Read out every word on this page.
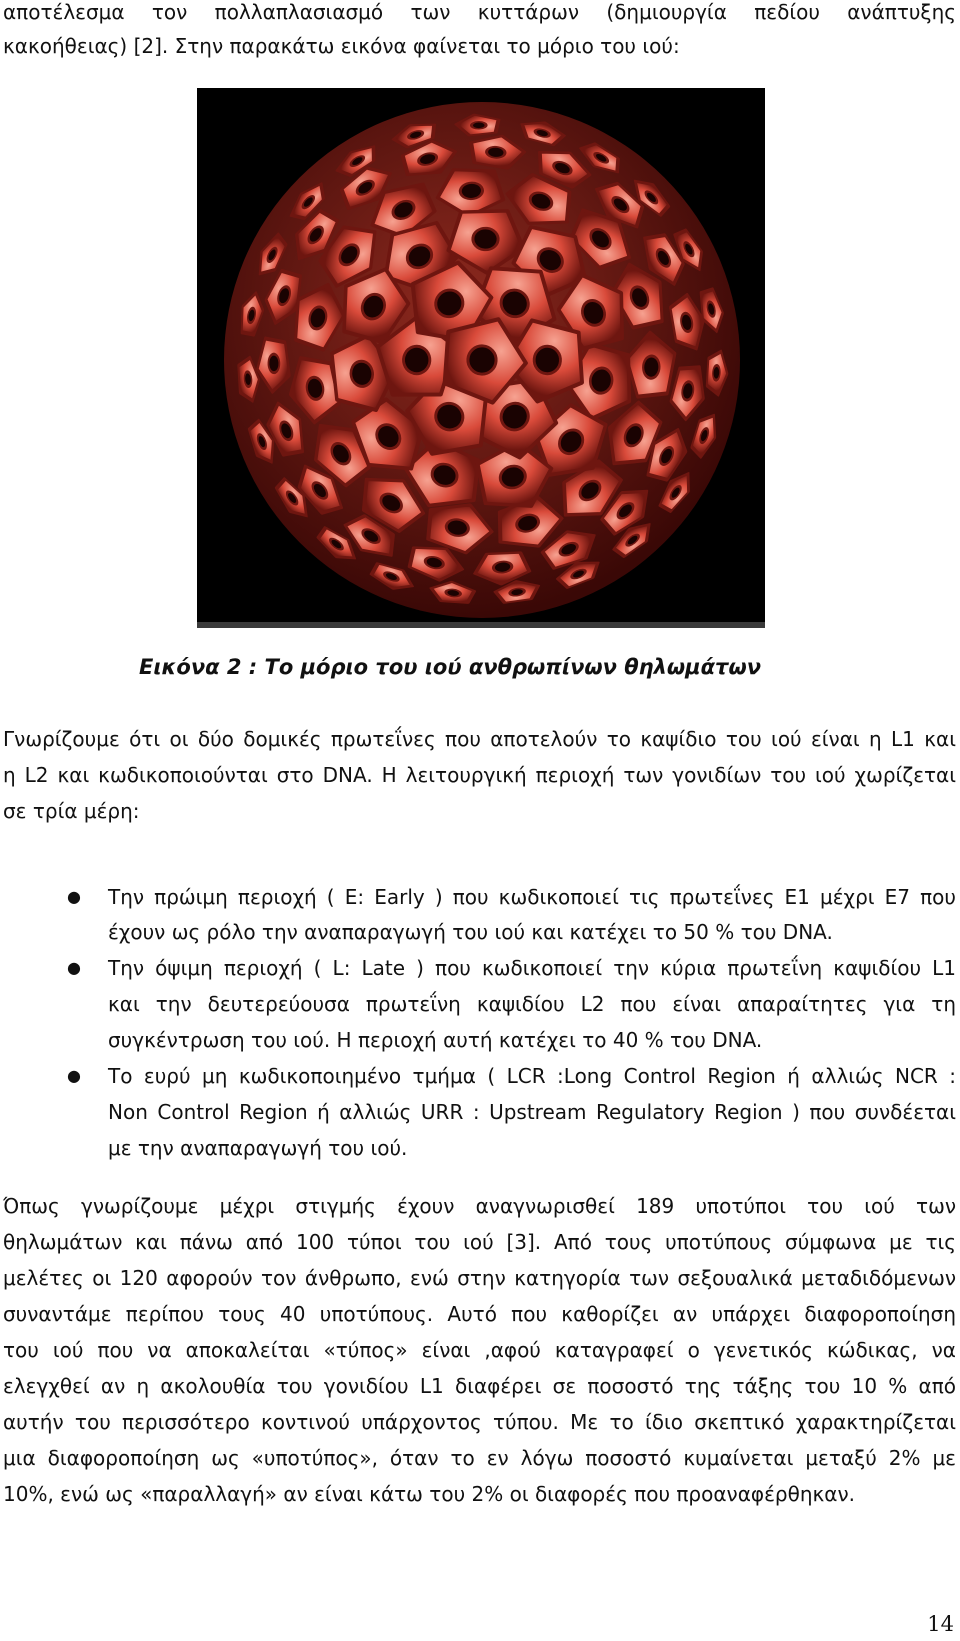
αποτέλεσμα τον πολλαπλασιασμό των κυττάρων (δημιουργία πεδίου ανάπτυξης
κακοήθειας) [2]. Στην παρακάτω εικόνα φαίνεται το μόριο του ιού:
Εικόνα 2 : Το μόριο του ιού ανθρωπίνων θηλωμάτων
Γνωρίζουμε ότι οι δύο δομικές πρωτεΐνες που αποτελούν το καψίδιο του ιού είναι η L1 και
η L2 και κωδικοποιούνται στο DNA. Η λειτουργική περιοχή των γονιδίων του ιού χωρίζεται
σε τρία μέρη:
● Την πρώιμη περιοχή ( E: Early ) που κωδικοποιεί τις πρωτεΐνες Ε1 μέχρι Ε7 που
έχουν ως ρόλο την αναπαραγωγή του ιού και κατέχει το 50 % του DNA.
● Την όψιμη περιοχή ( L: Late ) που κωδικοποιεί την κύρια πρωτεΐνη καψιδίου L1
και την δευτερεύουσα πρωτεΐνη καψιδίου L2 που είναι απαραίτητες για τη
συγκέντρωση του ιού. Η περιοχή αυτή κατέχει το 40 % του DNA.
● Το ευρύ μη κωδικοποιημένο τμήμα ( LCR :Long Control Region ή αλλιώς NCR :
Non Control Region ή αλλιώς URR : Upstream Regulatory Region ) που συνδέεται
με την αναπαραγωγή του ιού.
Όπως γνωρίζουμε μέχρι στιγμής έχουν αναγνωρισθεί 189 υποτύποι του ιού των
θηλωμάτων και πάνω από 100 τύποι του ιού [3]. Από τους υποτύπους σύμφωνα με τις
μελέτες οι 120 αφορούν τον άνθρωπο, ενώ στην κατηγορία των σεξουαλικά μεταδιδόμενων
συναντάμε περίπου τους 40 υποτύπους. Αυτό που καθορίζει αν υπάρχει διαφοροποίηση
του ιού που να αποκαλείται «τύπος» είναι ,αφού καταγραφεί ο γενετικός κώδικας, να
ελεγχθεί αν η ακολουθία του γονιδίου L1 διαφέρει σε ποσοστό της τάξης του 10 % από
αυτήν του περισσότερο κοντινού υπάρχοντος τύπου. Με το ίδιο σκεπτικό χαρακτηρίζεται
μια διαφοροποίηση ως «υποτύπος», όταν το εν λόγω ποσοστό κυμαίνεται μεταξύ 2% με
10%, ενώ ως «παραλλαγή» αν είναι κάτω του 2% οι διαφορές που προαναφέρθηκαν.
14
